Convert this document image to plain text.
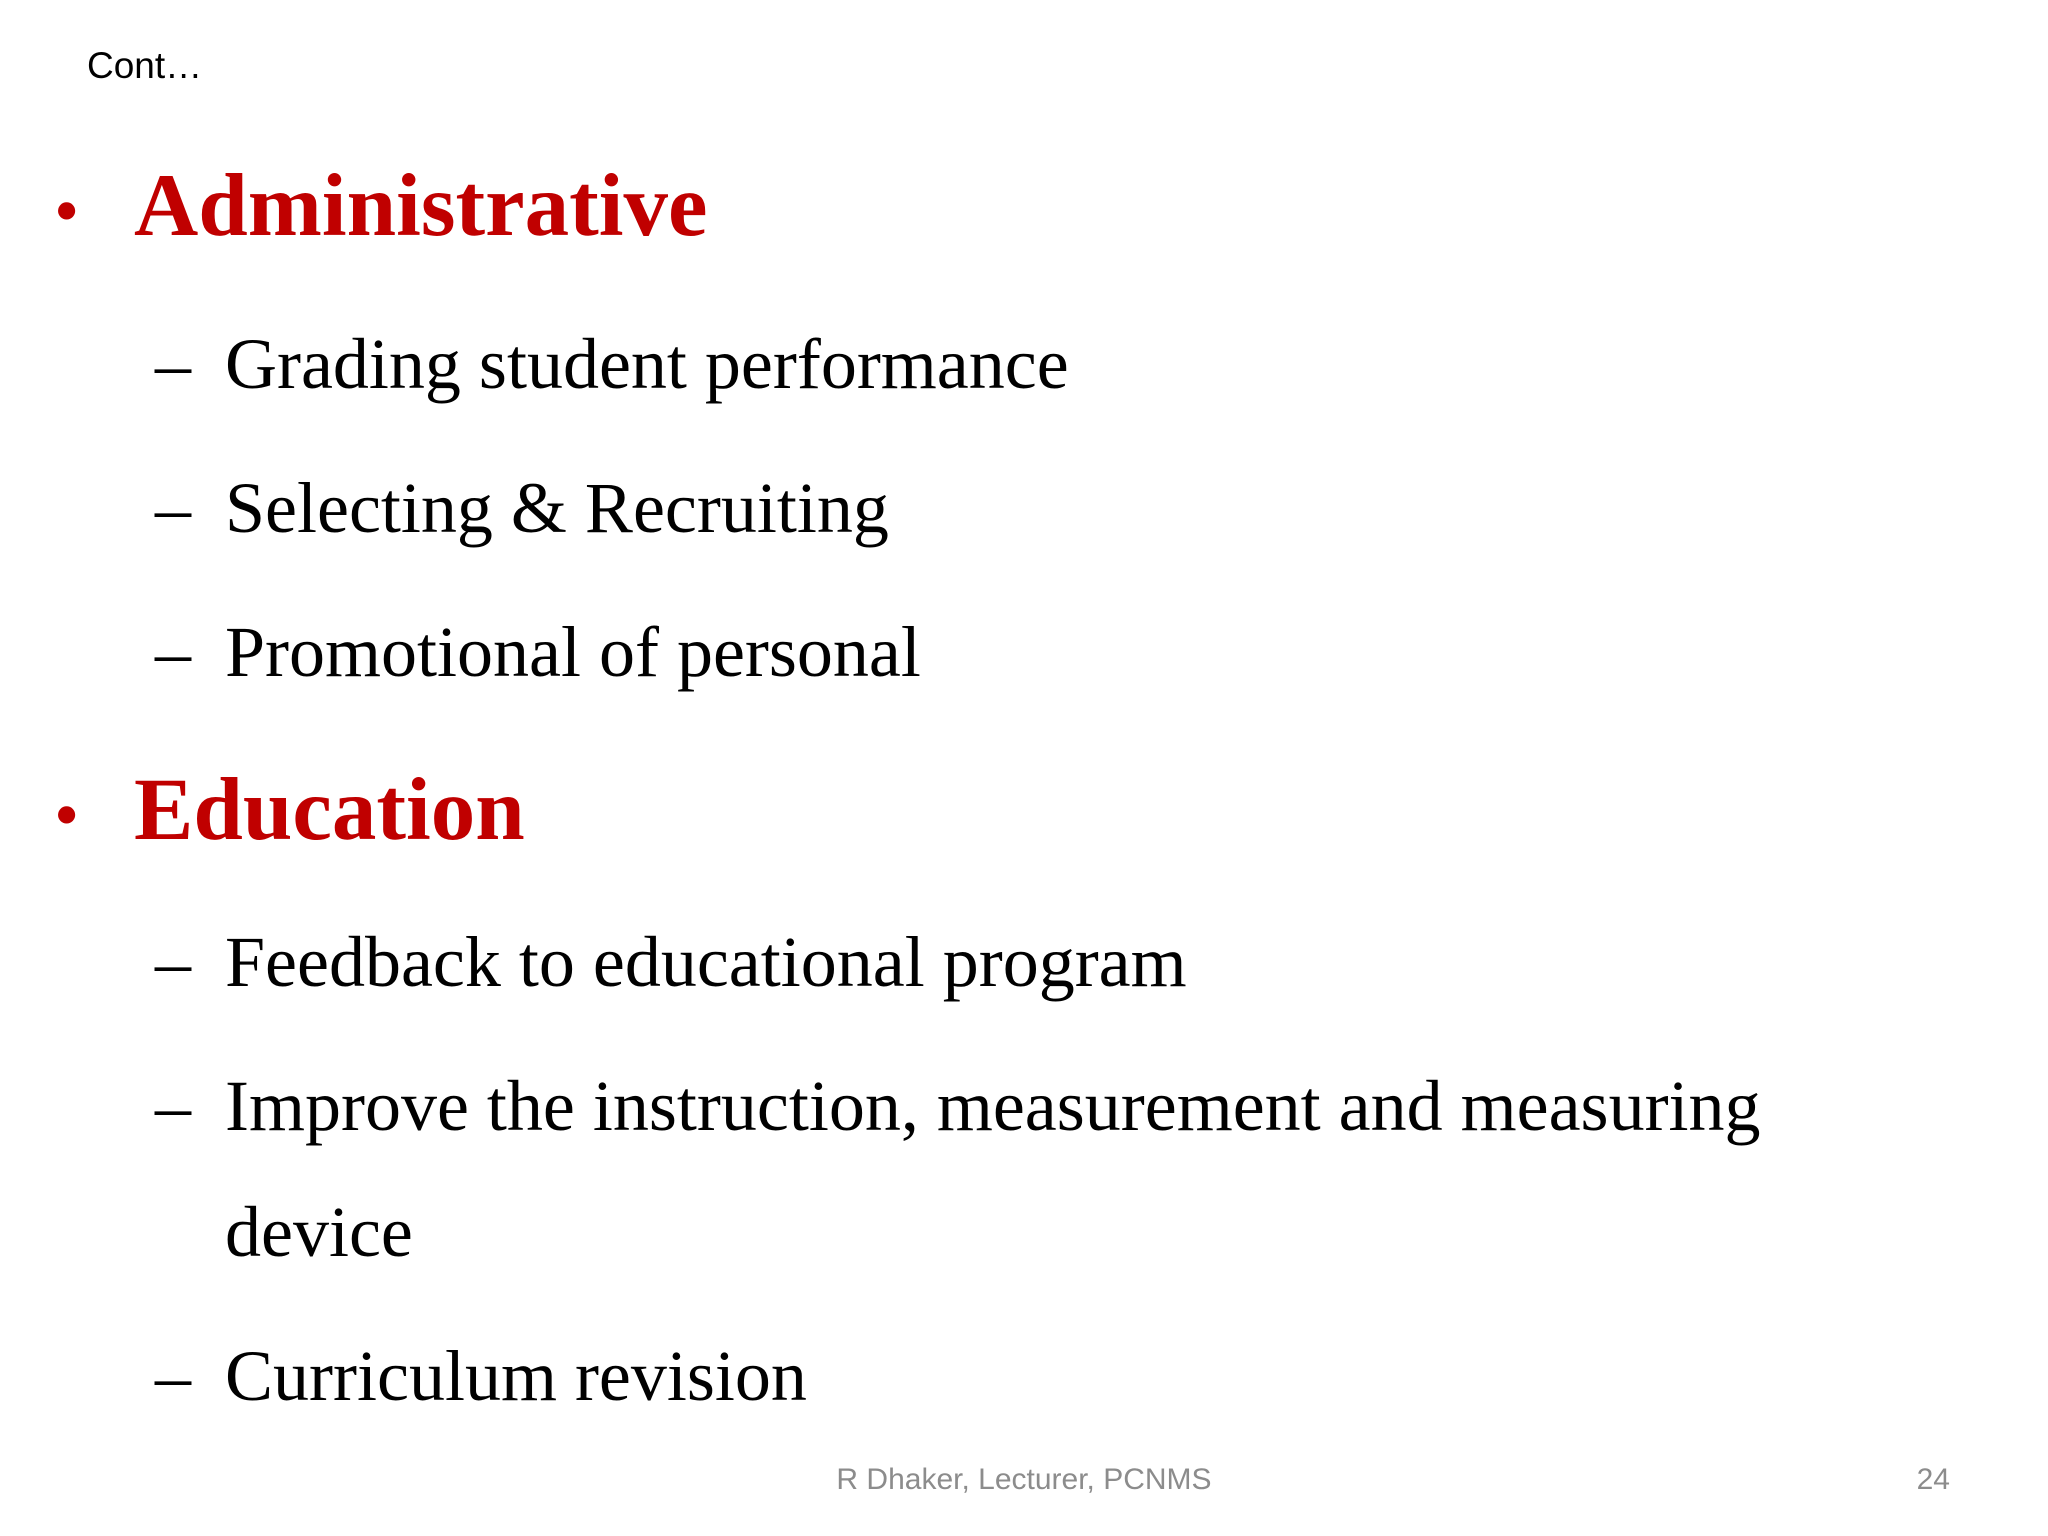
Cont…
• Administrative
– Grading student performance
– Selecting & Recruiting
– Promotional of personal
• Education
– Feedback to educational program
– Improve the instruction, measurement and measuring
device
– Curriculum revision
R Dhaker, Lecturer, PCNMS	24
